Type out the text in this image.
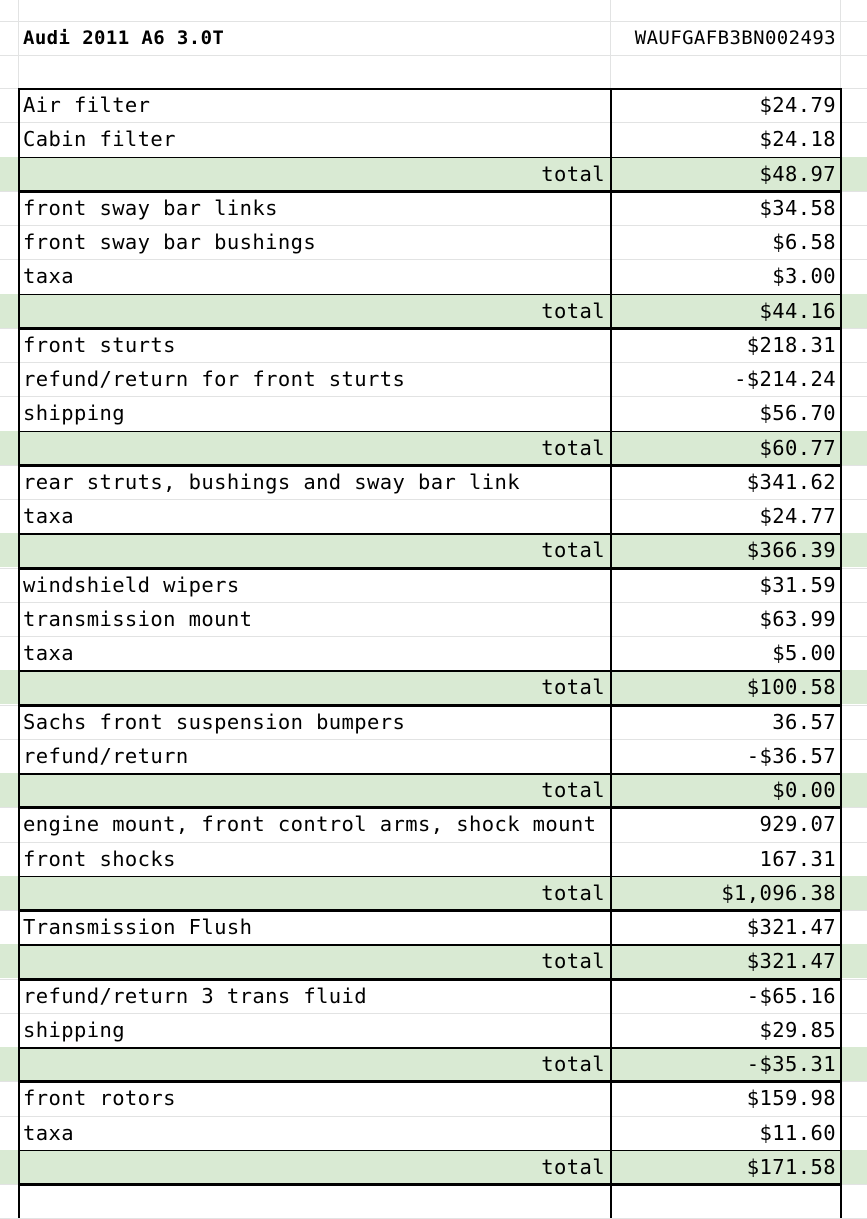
Audi 2011 A6 3.0T	WAUFGAFB3BN002493
Air filter	$24.79
Cabin filter	$24.18
total	$48.97
front sway bar links	$34.58
front sway bar bushings	$6.58
taxa	$3.00
total	$44.16
front sturts	$218.31
refund/return for front sturts	-$214.24
shipping	$56.70
total	$60.77
rear struts, bushings and sway bar link	$341.62
taxa	$24.77
total	$366.39
windshield wipers	$31.59
transmission mount	$63.99
taxa	$5.00
total	$100.58
Sachs front suspension bumpers	36.57
refund/return	-$36.57
total	$0.00
engine mount, front control arms, shock mount	929.07
front shocks	167.31
total	$1,096.38
Transmission Flush	$321.47
total	$321.47
refund/return 3 trans fluid	-$65.16
shipping	$29.85
total	-$35.31
front rotors	$159.98
taxa	$11.60
total	$171.58
